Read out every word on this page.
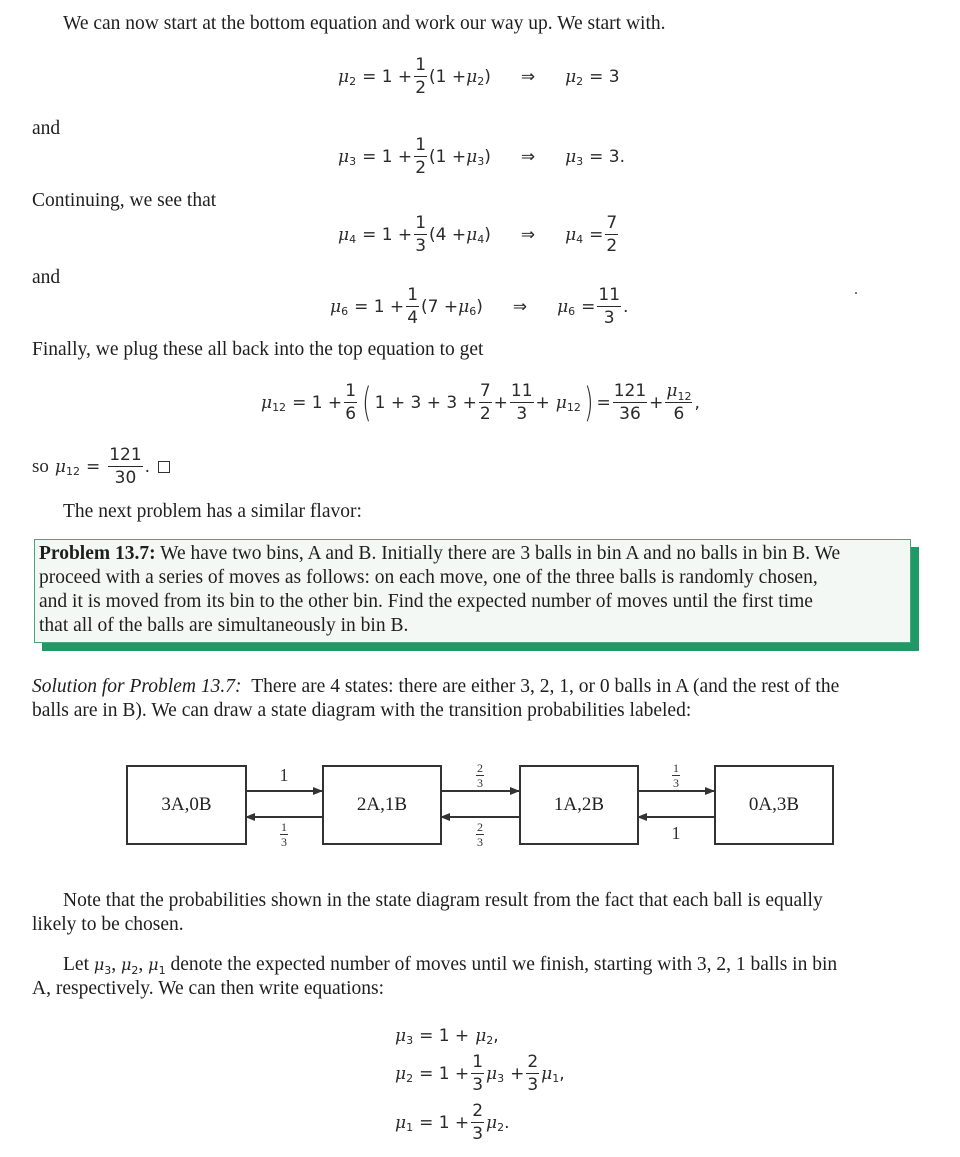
We can now start at the bottom equation and work our way up. We start with.
μ $2 = 1 + \frac{1}{2} (1 + \mu$ 2 ) ⇒ μ 2 = 3
and
μ $3 = 1 + \frac{1}{2} (1 + \mu$ 3 ) ⇒ μ 3 = 3.
Continuing, we see that
μ $4 = 1 + \frac{1}{3} (4 + \mu$ 4 ) ⇒ μ $4 = \frac{7}{2}$
and
μ $6 = 1 + \frac{1}{4} (7 + \mu$ 6 ) ⇒ μ $6 = \frac{11}{3}$ .
Finally, we plug these all back into the top equation to get
μ $12 = 1 + \frac{1}{6}$ ( $1 + 3 + 3 + \frac{7}{2} + \frac{11}{3} + \mu$ 12 ) = $\frac{121}{36} + \frac{\mu_{12}}{6}$ ,
so μ $12 = \frac{121}{30}$ .
The next problem has a similar flavor:
Problem 13.7: We have two bins, A and B. Initially there are 3 balls in bin A and no balls in bin B. We
proceed with a series of moves as follows: on each move, one of the three balls is randomly chosen,
and it is moved from its bin to the other bin. Find the expected number of moves until the first time
that all of the balls are simultaneously in bin B.
Solution for Problem 13.7: There are 4 states: there are either 3, 2, 1, or 0 balls in A (and the rest of the
balls are in B). We can draw a state diagram with the transition probabilities labeled:
3A,0B	2A,1B	1A,2B	0A,3B
1	2
3
1
3
1
3
2
3	1
Note that the probabilities shown in the state diagram result from the fact that each ball is equally
likely to be chosen.
Let
μ 3 , μ 2 , μ 1
denote the expected number of moves until we finish, starting with 3, 2, 1 balls in bin
A, respectively. We can then write equations:
μ 3 = 1 + μ 2 ,
μ $2 = 1 + \frac{1}{3}$ μ $3 + \frac{2}{3}$ μ 1 ,
μ $1 = 1 + \frac{2}{3}$ μ 2 .
